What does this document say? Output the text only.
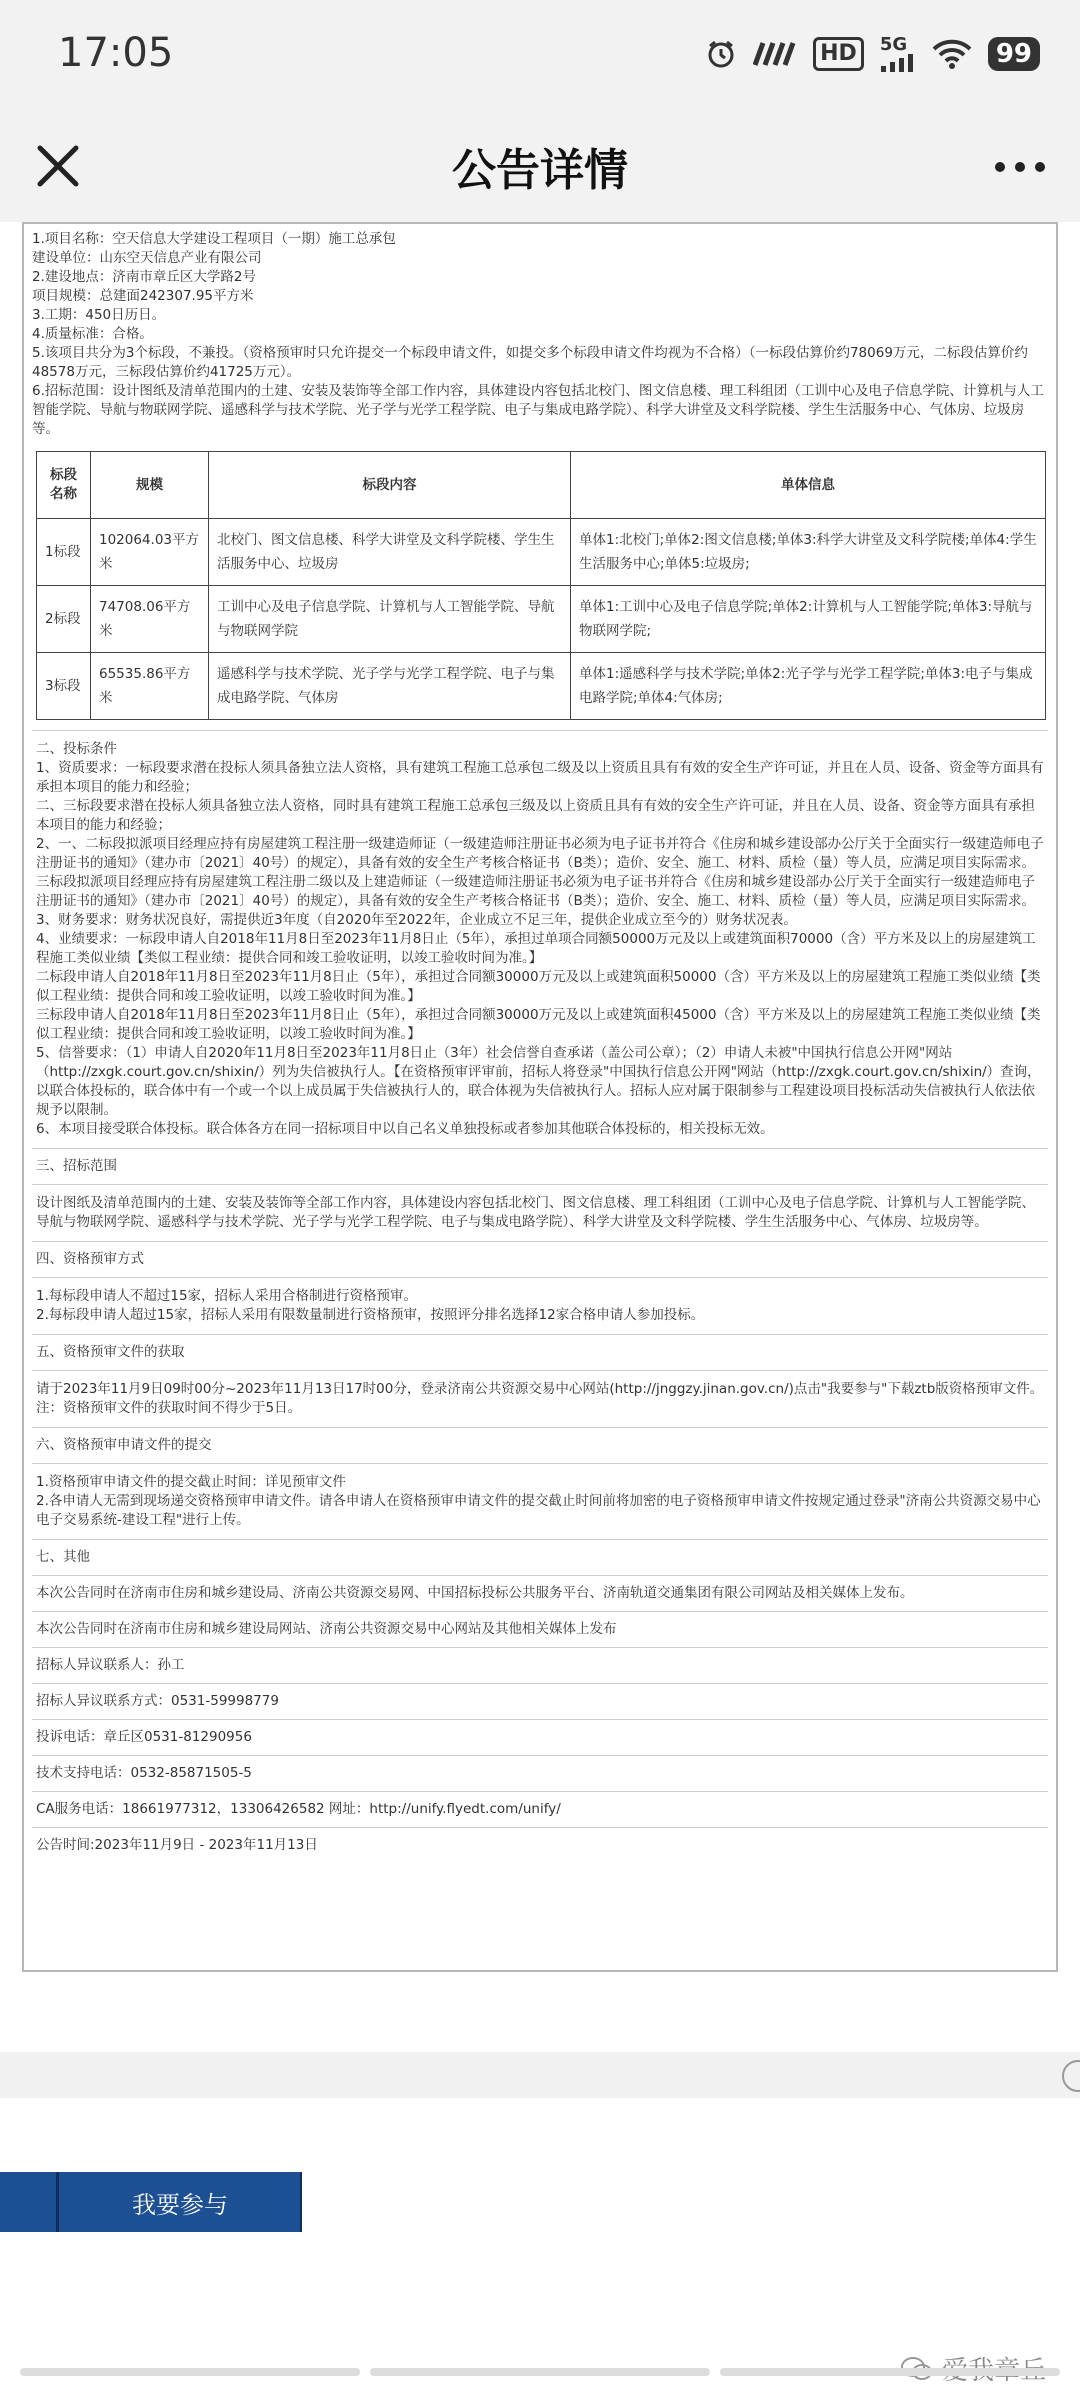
17:05	HD	5G	99
公告详情

1.项目名称：空天信息大学建设工程项目（一期）施工总承包

建设单位：山东空天信息产业有限公司

2.建设地点：济南市章丘区大学路2号

项目规模：总建面242307.95平方米

3.工期：450日历日。

4.质量标准：合格。

5.该项目共分为3个标段，不兼投。（资格预审时只允许提交一个标段申请文件，如提交多个标段申请文件均视为不合格）（一标段估算价约78069万元，二标段估算价约48578万元，三标段估算价约41725万元）。

6.招标范围：设计图纸及清单范围内的土建、安装及装饰等全部工作内容，具体建设内容包括北校门、图文信息楼、理工科组团（工训中心及电子信息学院、计算机与人工智能学院、导航与物联网学院、遥感科学与技术学院、光子学与光学工程学院、电子与集成电路学院）、科学大讲堂及文科学院楼、学生生活服务中心、气体房、垃圾房等。

标段名称	规模	标段内容	单体信息
1标段	102064.03平方米	北校门、图文信息楼、科学大讲堂及文科学院楼、学生生活服务中心、垃圾房	单体1:北校门;单体2:图文信息楼;单体3:科学大讲堂及文科学院楼;单体4:学生生活服务中心;单体5:垃圾房;
2标段	74708.06平方米	工训中心及电子信息学院、计算机与人工智能学院、导航与物联网学院	单体1:工训中心及电子信息学院;单体2:计算机与人工智能学院;单体3:导航与物联网学院;
3标段	65535.86平方米	遥感科学与技术学院、光子学与光学工程学院、电子与集成电路学院、气体房	单体1:遥感科学与技术学院;单体2:光子学与光学工程学院;单体3:电子与集成电路学院;单体4:气体房;

二、投标条件

1、资质要求：一标段要求潜在投标人须具备独立法人资格，具有建筑工程施工总承包二级及以上资质且具有有效的安全生产许可证，并且在人员、设备、资金等方面具有承担本项目的能力和经验；

二、三标段要求潜在投标人须具备独立法人资格，同时具有建筑工程施工总承包三级及以上资质且具有有效的安全生产许可证，并且在人员、设备、资金等方面具有承担本项目的能力和经验；

2、一、二标段拟派项目经理应持有房屋建筑工程注册一级建造师证（一级建造师注册证书必须为电子证书并符合《住房和城乡建设部办公厅关于全面实行一级建造师电子注册证书的通知》（建办市〔2021〕40号）的规定），具备有效的安全生产考核合格证书（B类）；造价、安全、施工、材料、质检（量）等人员，应满足项目实际需求。

三标段拟派项目经理应持有房屋建筑工程注册二级以及上建造师证（一级建造师注册证书必须为电子证书并符合《住房和城乡建设部办公厅关于全面实行一级建造师电子注册证书的通知》（建办市〔2021〕40号）的规定），具备有效的安全生产考核合格证书（B类）；造价、安全、施工、材料、质检（量）等人员，应满足项目实际需求。

3、财务要求：财务状况良好，需提供近3年度（自2020年至2022年，企业成立不足三年，提供企业成立至今的）财务状况表。

4、业绩要求：一标段申请人自2018年11月8日至2023年11月8日止（5年），承担过单项合同额50000万元及以上或建筑面积70000（含）平方米及以上的房屋建筑工程施工类似业绩【类似工程业绩：提供合同和竣工验收证明，以竣工验收时间为准。】

二标段申请人自2018年11月8日至2023年11月8日止（5年），承担过合同额30000万元及以上或建筑面积50000（含）平方米及以上的房屋建筑工程施工类似业绩【类似工程业绩：提供合同和竣工验收证明，以竣工验收时间为准。】

三标段申请人自2018年11月8日至2023年11月8日止（5年），承担过合同额30000万元及以上或建筑面积45000（含）平方米及以上的房屋建筑工程施工类似业绩【类似工程业绩：提供合同和竣工验收证明，以竣工验收时间为准。】

5、信誉要求：（1）申请人自2020年11月8日至2023年11月8日止（3年）社会信誉自查承诺（盖公司公章）；（2）申请人未被"中国执行信息公开网"网站（http://zxgk.court.gov.cn/shixin/）列为失信被执行人。【在资格预审评审前，招标人将登录"中国执行信息公开网"网站（http://zxgk.court.gov.cn/shixin/）查询，以联合体投标的，联合体中有一个或一个以上成员属于失信被执行人的，联合体视为失信被执行人。招标人应对属于限制参与工程建设项目投标活动失信被执行人依法依规予以限制。

6、本项目接受联合体投标。联合体各方在同一招标项目中以自己名义单独投标或者参加其他联合体投标的，相关投标无效。

三、招标范围
设计图纸及清单范围内的土建、安装及装饰等全部工作内容，具体建设内容包括北校门、图文信息楼、理工科组团（工训中心及电子信息学院、计算机与人工智能学院、导航与物联网学院、遥感科学与技术学院、光子学与光学工程学院、电子与集成电路学院）、科学大讲堂及文科学院楼、学生生活服务中心、气体房、垃圾房等。
四、资格预审方式

1.每标段申请人不超过15家，招标人采用合格制进行资格预审。

2.每标段申请人超过15家，招标人采用有限数量制进行资格预审，按照评分排名选择12家合格申请人参加投标。

五、资格预审文件的获取

请于2023年11月9日09时00分~2023年11月13日17时00分，登录济南公共资源交易中心网站(http://jnggzy.jinan.gov.cn/)点击"我要参与"下载ztb版资格预审文件。

注：资格预审文件的获取时间不得少于5日。

六、资格预审申请文件的提交

1.资格预审申请文件的提交截止时间：详见预审文件

2.各申请人无需到现场递交资格预审申请文件。请各申请人在资格预审申请文件的提交截止时间前将加密的电子资格预审申请文件按规定通过登录"济南公共资源交易中心电子交易系统-建设工程"进行上传。

七、其他
本次公告同时在济南市住房和城乡建设局、济南公共资源交易网、中国招标投标公共服务平台、济南轨道交通集团有限公司网站及相关媒体上发布。
本次公告同时在济南市住房和城乡建设局网站、济南公共资源交易中心网站及其他相关媒体上发布
招标人异议联系人：孙工
招标人异议联系方式：0531-59998779
投诉电话：章丘区0531-81290956
技术支持电话：0532-85871505-5
CA服务电话：18661977312，13306426582 网址：http://unify.flyedt.com/unify/
公告时间:2023年11月9日 - 2023年11月13日
我要参与
